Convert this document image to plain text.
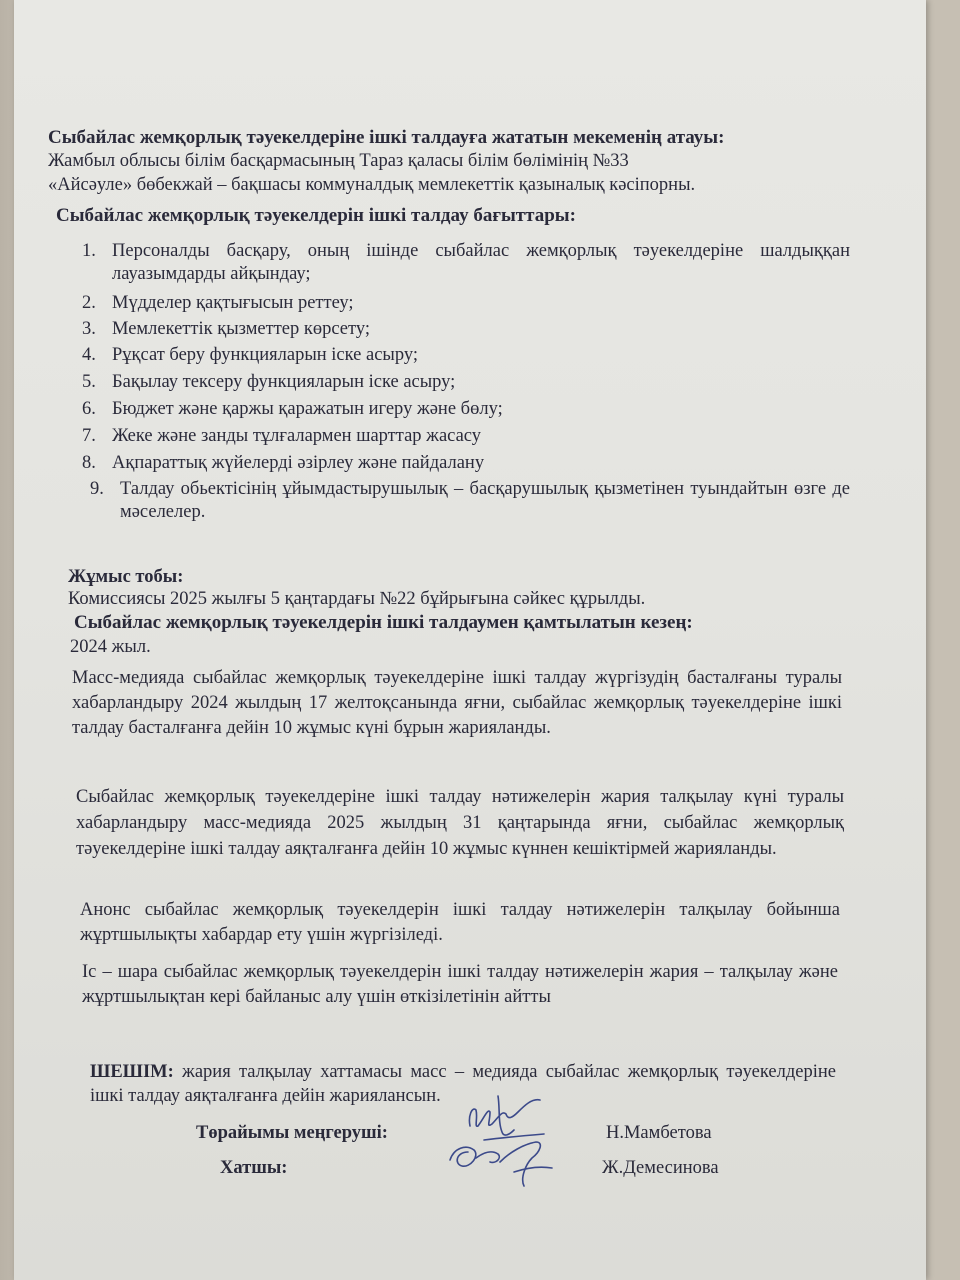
Сыбайлас жемқорлық тәуекелдеріне ішкі талдауға жататын мекеменің атауы:
Жамбыл облысы білім басқармасының Тараз қаласы білім бөлімінің №33
«Айсәуле» бөбекжай – бақшасы коммуналдық мемлекеттік қазыналық кәсіпорны.
Сыбайлас жемқорлық тәуекелдерін ішкі талдау бағыттары:
1. Персоналды басқару, оның ішінде сыбайлас жемқорлық тәуекелдеріне шалдыққан лауазымдарды айқындау;
2. Мүдделер қақтығысын реттеу;
3. Мемлекеттік қызметтер көрсету;
4. Рұқсат беру функцияларын іске асыру;
5. Бақылау тексеру функцияларын іске асыру;
6. Бюджет және қаржы қаражатын игеру және бөлу;
7. Жеке және занды тұлғалармен шарттар жасасу
8. Ақпараттық жүйелерді әзірлеу және пайдалану
9. Талдау обьектісінің ұйымдастырушылық – басқарушылық қызметінен туындайтын өзге де мәселелер.
Жұмыс тобы:
Комиссиясы 2025 жылғы 5 қаңтардағы №22 бұйрығына сәйкес құрылды.
Сыбайлас жемқорлық тәуекелдерін ішкі талдаумен қамтылатын кезең:
2024 жыл.
Масс-медияда сыбайлас жемқорлық тәуекелдеріне ішкі талдау жүргізудің басталғаны туралы хабарландыру 2024 жылдың 17 желтоқсанында яғни, сыбайлас жемқорлық тәуекелдеріне ішкі талдау басталғанға дейін 10 жұмыс күні бұрын жарияланды.
Сыбайлас жемқорлық тәуекелдеріне ішкі талдау нәтижелерін жария талқылау күні туралы хабарландыру масс-медияда 2025 жылдың 31 қаңтарында яғни, сыбайлас жемқорлық тәуекелдеріне ішкі талдау аяқталғанға дейін 10 жұмыс күннен кешіктірмей жарияланды.
Анонс сыбайлас жемқорлық тәуекелдерін ішкі талдау нәтижелерін талқылау бойынша жұртшылықты хабардар ету үшін жүргізіледі.
Іс – шара сыбайлас жемқорлық тәуекелдерін ішкі талдау нәтижелерін жария – талқылау және жұртшылықтан кері байланыс алу үшін өткізілетінін айтты
ШЕШІМ: жария талқылау хаттамасы масс – медияда сыбайлас жемқорлық тәуекелдеріне ішкі талдау аяқталғанға дейін жарияланcын.
Төрайымы меңгеруші:	Н.Мамбетова
Хатшы:	Ж.Демесинова
